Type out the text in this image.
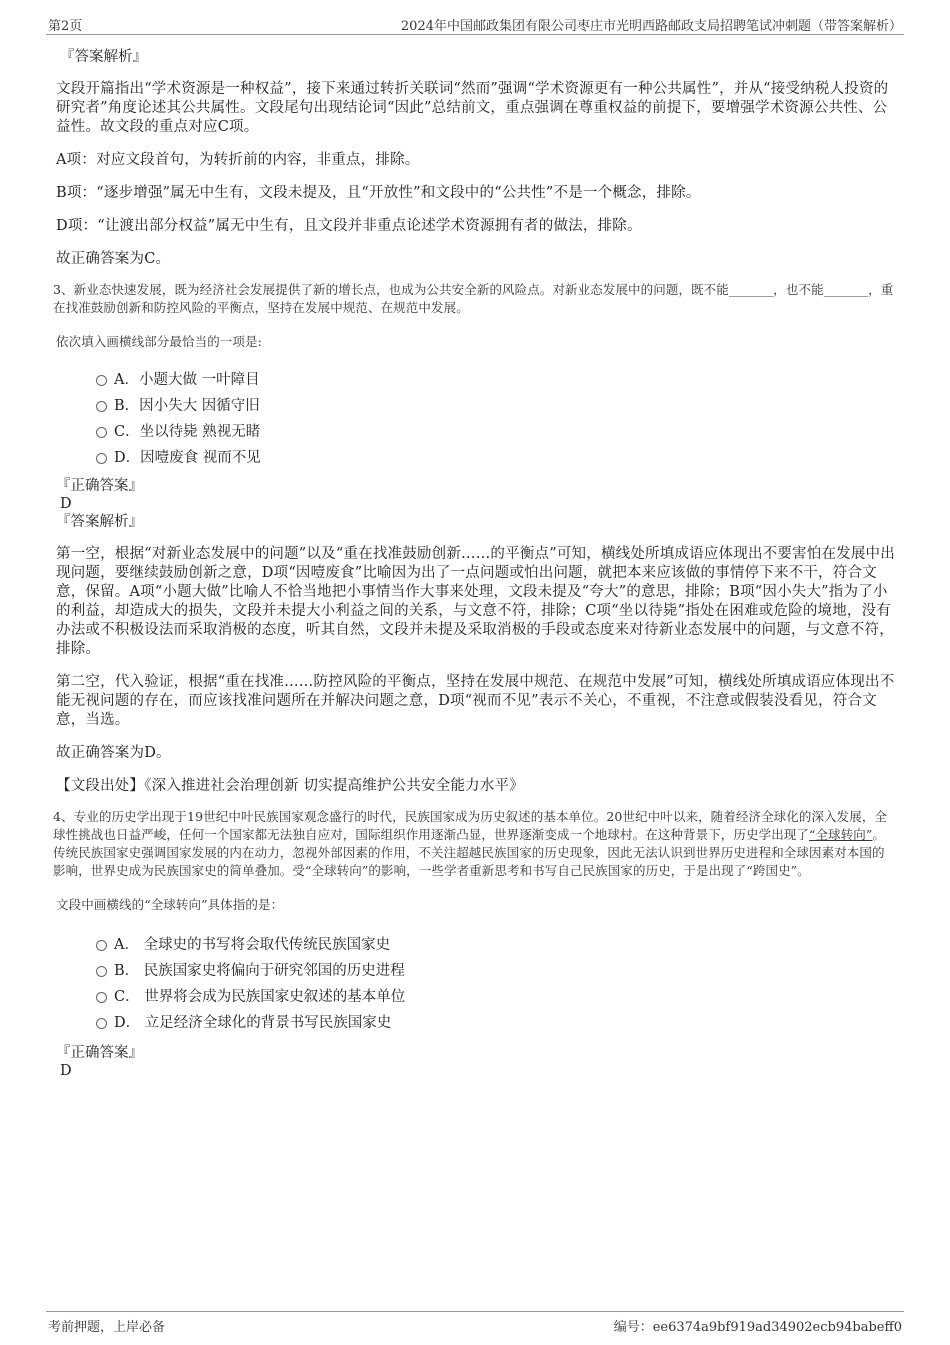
第2页	2024年中国邮政集团有限公司枣庄市光明西路邮政支局招聘笔试冲刺题（带答案解析）
『答案解析』

文段开篇指出“学术资源是一种权益”，接下来通过转折关联词“然而”强调“学术资源更有一种公共属性”，并从“接受纳税人投资的研究者”角度论述其公共属性。文段尾句出现结论词“因此”总结前文，重点强调在尊重权益的前提下，要增强学术资源公共性、公益性。故文段的重点对应C项。

A项：对应文段首句，为转折前的内容，非重点，排除。

B项：“逐步增强”属无中生有，文段未提及，且“开放性”和文段中的“公共性”不是一个概念，排除。

D项：“让渡出部分权益”属无中生有，且文段并非重点论述学术资源拥有者的做法，排除。

故正确答案为C。

3、新业态快速发展，既为经济社会发展提供了新的增长点，也成为公共安全新的风险点。对新业态发展中的问题，既不能_______，也不能_______，重在找准鼓励创新和防控风险的平衡点，坚持在发展中规范、在规范中发展。

依次填入画横线部分最恰当的一项是:

A．小题大做 一叶障目
B．因小失大 因循守旧
C．坐以待毙 熟视无睹
D．因噎废食 视而不见
『正确答案』
D
『答案解析』

第一空，根据“对新业态发展中的问题”以及“重在找准鼓励创新……的平衡点”可知，横线处所填成语应体现出不要害怕在发展中出现问题，要继续鼓励创新之意，D项“因噎废食”比喻因为出了一点问题或怕出问题，就把本来应该做的事情停下来不干，符合文意，保留。A项“小题大做”比喻人不恰当地把小事情当作大事来处理，文段未提及“夸大”的意思，排除；B项“因小失大”指为了小的利益，却造成大的损失，文段并未提大小利益之间的关系，与文意不符，排除；C项“坐以待毙”指处在困难或危险的境地，没有办法或不积极设法而采取消极的态度，听其自然，文段并未提及采取消极的手段或态度来对待新业态发展中的问题，与文意不符，排除。

第二空，代入验证，根据“重在找准……防控风险的平衡点，坚持在发展中规范、在规范中发展”可知，横线处所填成语应体现出不能无视问题的存在，而应该找准问题所在并解决问题之意，D项“视而不见”表示不关心，不重视，不注意或假装没看见，符合文意，当选。

故正确答案为D。

【文段出处】《深入推进社会治理创新 切实提高维护公共安全能力水平》

4、专业的历史学出现于19世纪中叶民族国家观念盛行的时代，民族国家成为历史叙述的基本单位。20世纪中叶以来，随着经济全球化的深入发展，全球性挑战也日益严峻，任何一个国家都无法独自应对，国际组织作用逐渐凸显，世界逐渐变成一个地球村。在这种背景下，历史学出现了“全球转向”。传统民族国家史强调国家发展的内在动力，忽视外部因素的作用，不关注超越民族国家的历史现象，因此无法认识到世界历史进程和全球因素对本国的影响，世界史成为民族国家史的简单叠加。受“全球转向”的影响，一些学者重新思考和书写自己民族国家的历史，于是出现了“跨国史”。

文段中画横线的“全球转向”具体指的是：

A． 全球史的书写将会取代传统民族国家史
B． 民族国家史将偏向于研究邻国的历史进程
C． 世界将会成为民族国家史叙述的基本单位
D． 立足经济全球化的背景书写民族国家史
『正确答案』
D
考前押题，上岸必备	编号：ee6374a9bf919ad34902ecb94babeff0
